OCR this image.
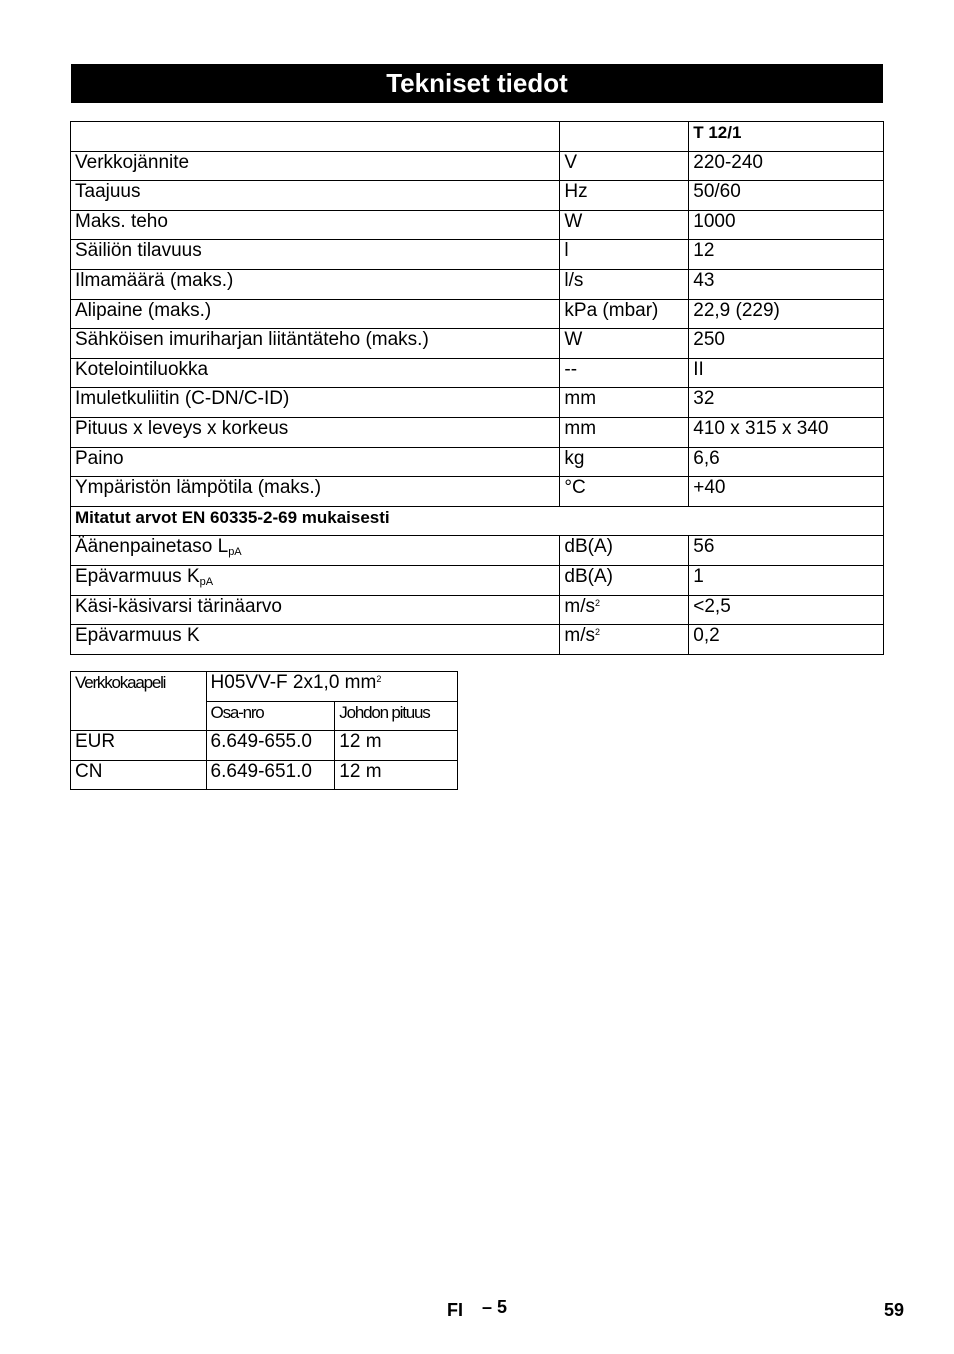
Tekniset tiedot
		T 12/1
Verkkojännite	V	220-240
Taajuus	Hz	50/60
Maks. teho	W	1000
Säiliön tilavuus	l	12
Ilmamäärä (maks.)	l/s	43
Alipaine (maks.)	kPa (mbar)	22,9 (229)
Sähköisen imuriharjan liitäntäteho (maks.)	W	250
Kotelointiluokka	--	II
Imuletkuliitin (C-DN/C-ID)	mm	32
Pituus x leveys x korkeus	mm	410 x 315 x 340
Paino	kg	6,6
Ympäristön lämpötila (maks.)	°C	+40
Mitatut arvot EN 60335-2-69 mukaisesti		
Äänenpainetaso $L_{pA}$	dB(A)	56
Epävarmuus $K_{pA}$	dB(A)	1
Käsi-käsivarsi tärinäarvo	$m/s^2$	<2,5
Epävarmuus K	$m/s^2$	0,2
Verkkokaapeli	H05VV-F 2x1,0 $mm^2$
	Osa-nro	Johdon pituus
EUR	6.649-655.0	12 m
CN	6.649-651.0	12 m
FI – 5	59
